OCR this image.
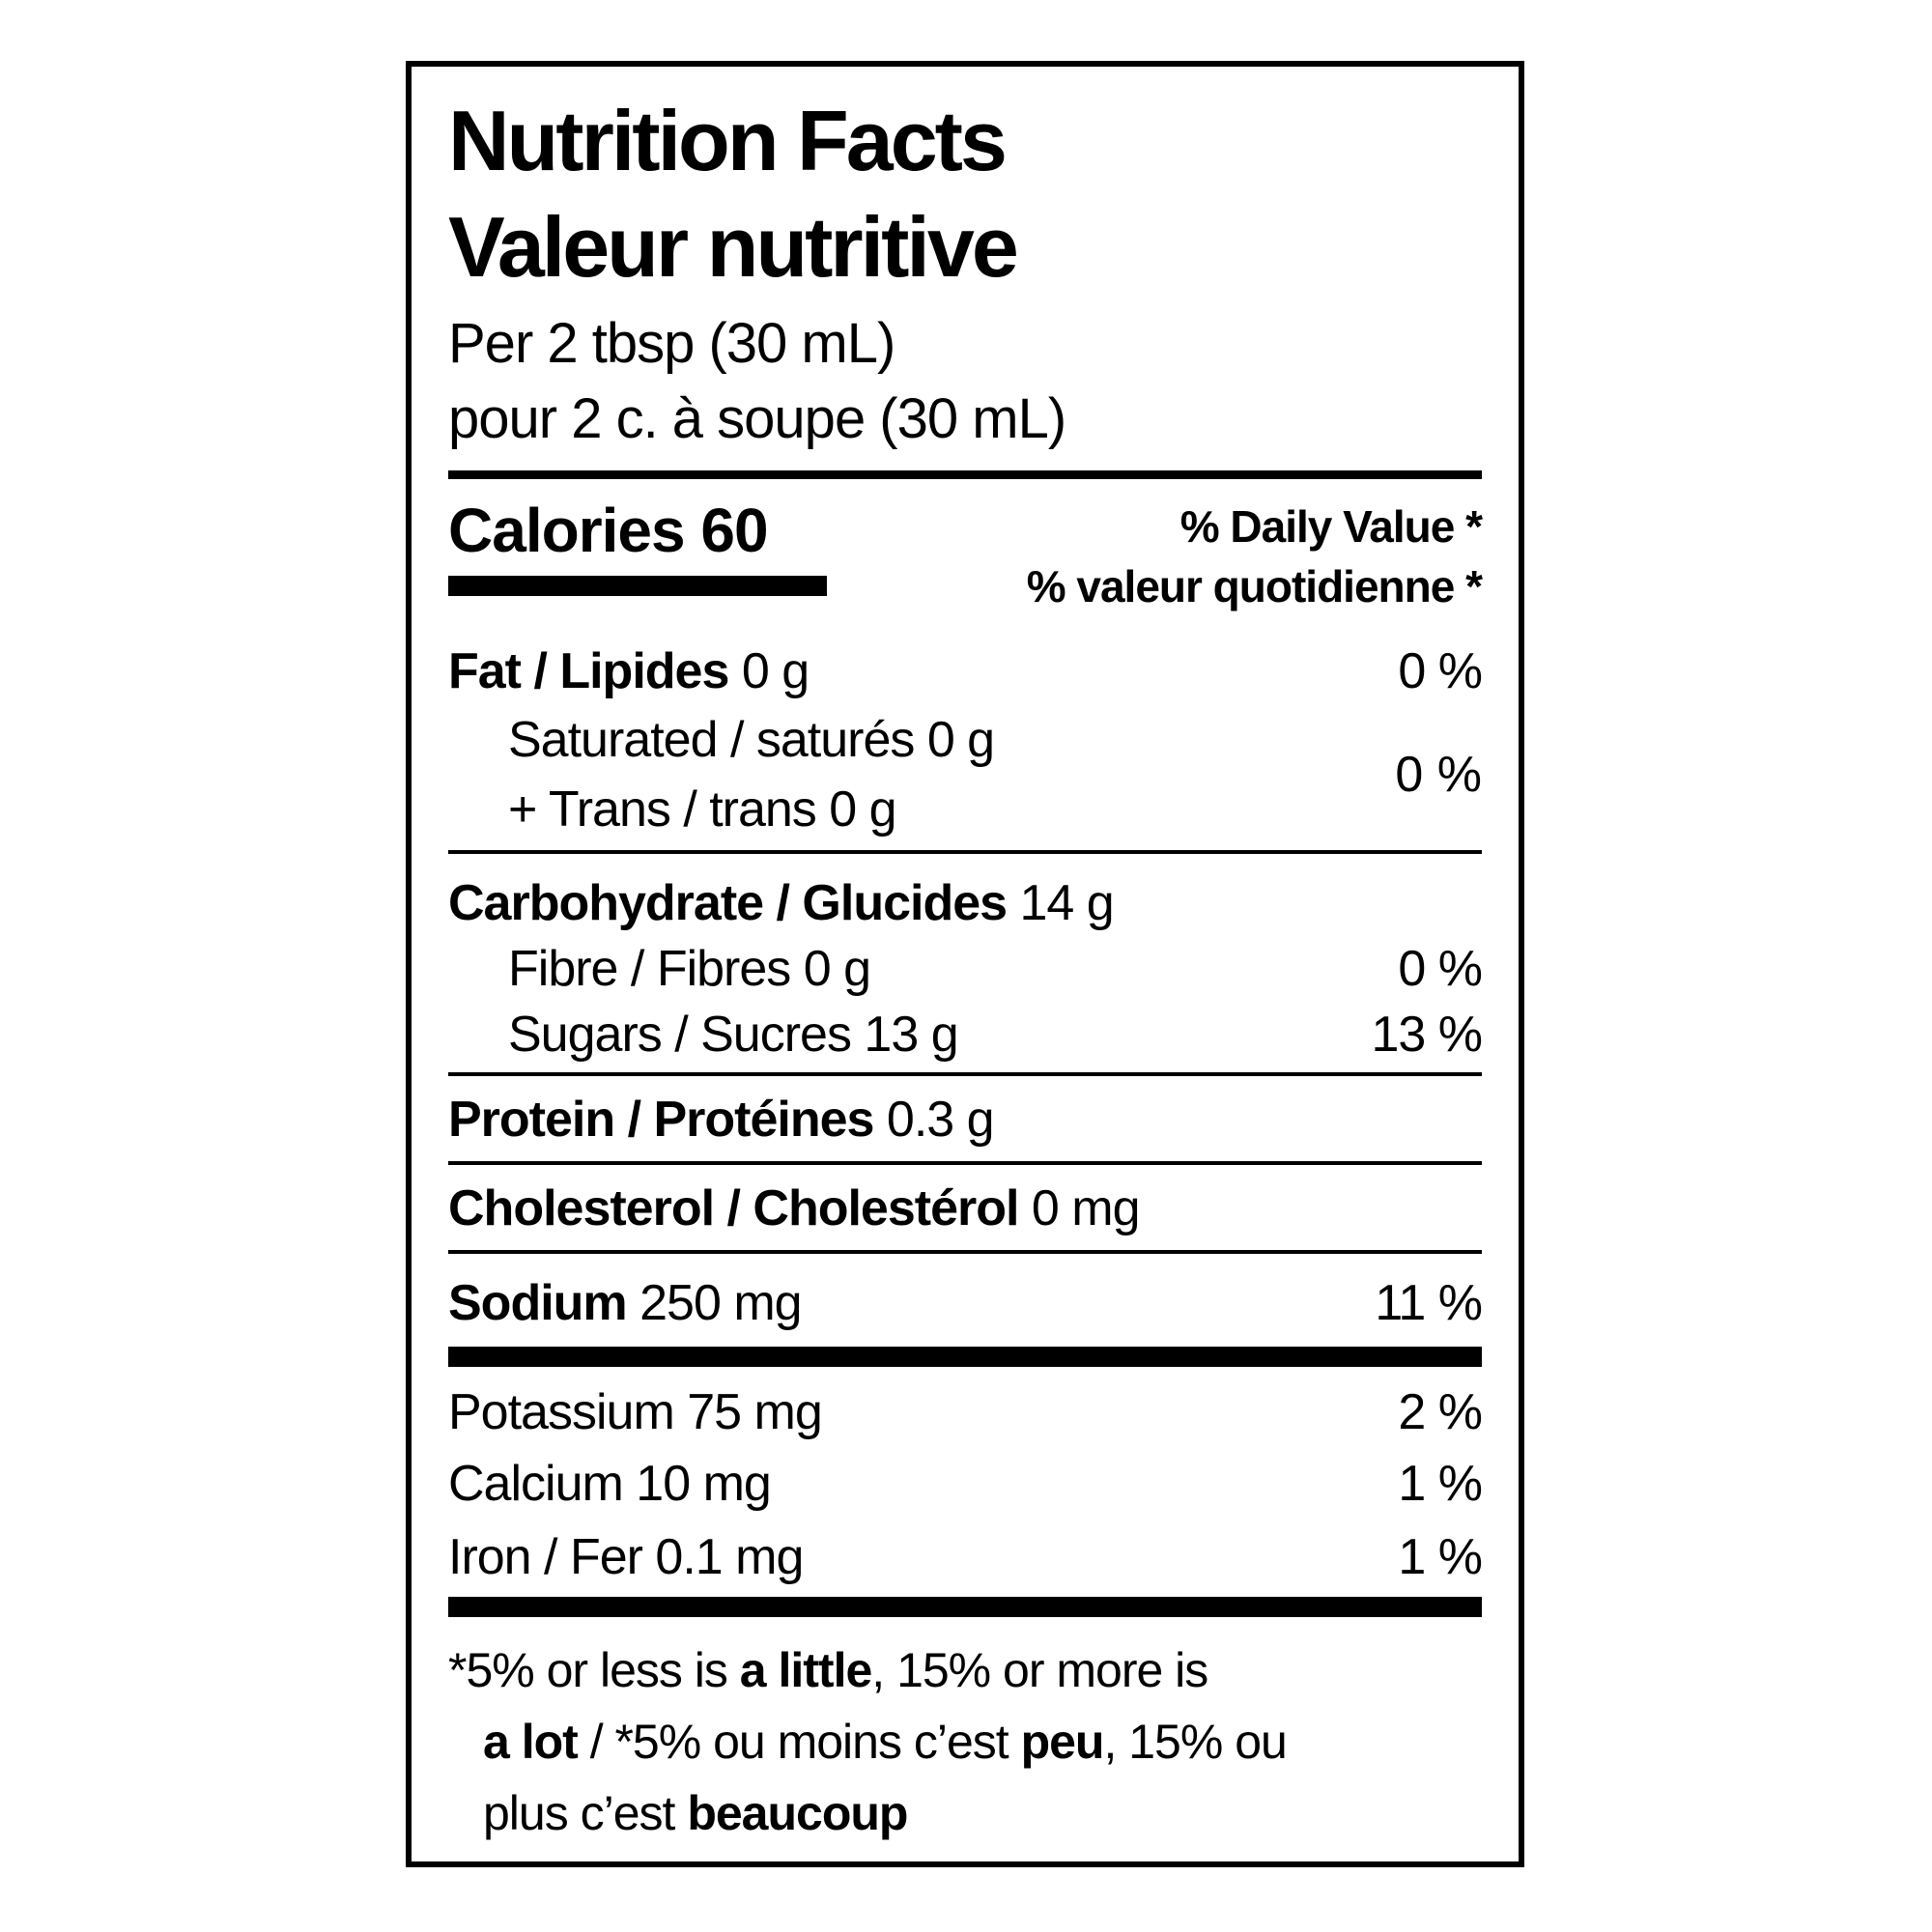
Nutrition Facts
Valeur nutritive
Per 2 tbsp (30 mL)
pour 2 c. à soupe (30 mL)
Calories 60	% Daily Value *
% valeur quotidienne *
Fat / Lipides 0 g	0 %
Saturated / saturés 0 g
+ Trans / trans 0 g
0 %
Carbohydrate / Glucides 14 g
Fibre / Fibres 0 g	0 %
Sugars / Sucres 13 g	13 %
Protein / Protéines 0.3 g
Cholesterol / Cholestérol 0 mg
Sodium 250 mg	11 %
Potassium 75 mg	2 %
Calcium 10 mg	1 %
Iron / Fer 0.1 mg	1 %
*5% or less is a little, 15% or more is
a lot / *5% ou moins c’est peu, 15% ou
plus c’est beaucoup
